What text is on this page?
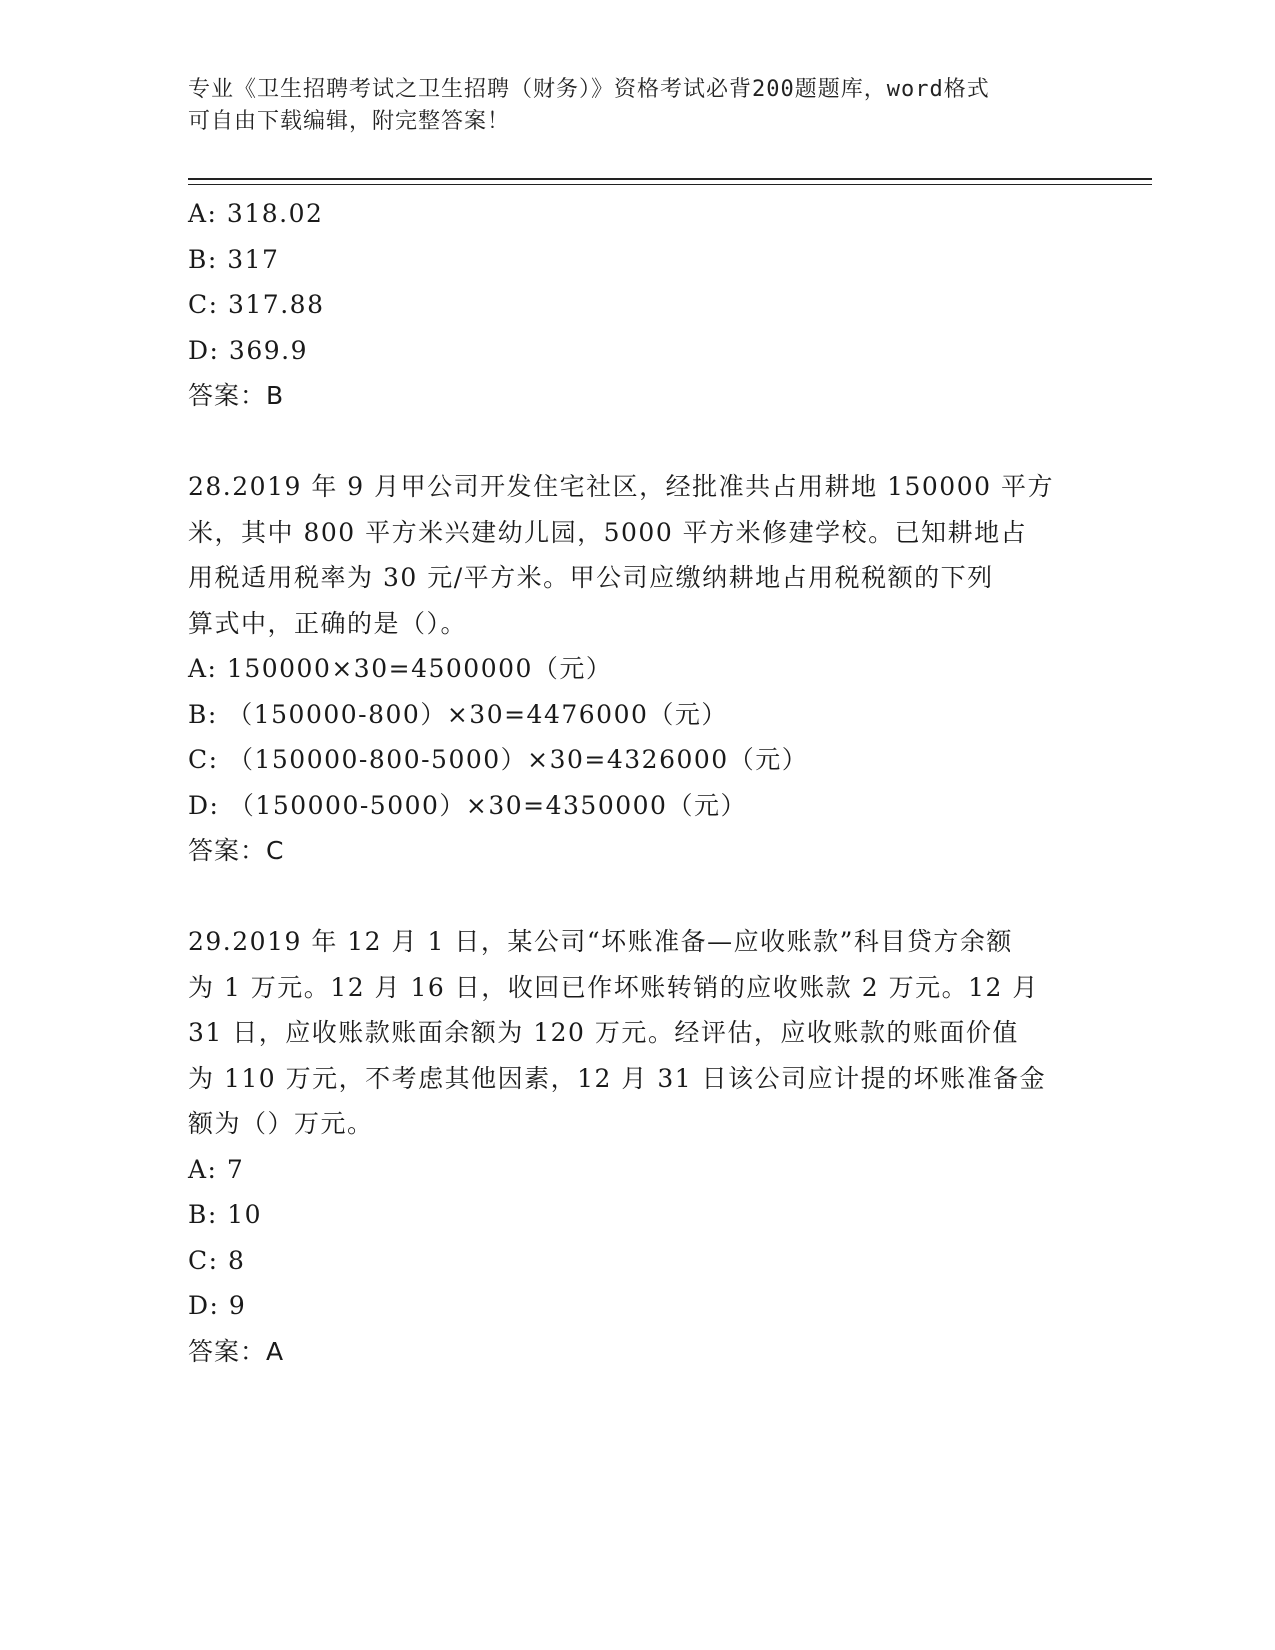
专业《卫生招聘考试之卫生招聘（财务）》资格考试必背200题题库，word格式
可自由下载编辑，附完整答案！
A: 318.02
B: 317
C: 317.88
D: 369.9
答案：B
28.2019 年 9 月甲公司开发住宅社区，经批准共占用耕地 150000 平方
米，其中 800 平方米兴建幼儿园，5000 平方米修建学校。已知耕地占
用税适用税率为 30 元/平方米。甲公司应缴纳耕地占用税税额的下列
算式中，正确的是（）。
A: 150000×30=4500000（元）
B: （150000-800）×30=4476000（元）
C: （150000-800-5000）×30=4326000（元）
D: （150000-5000）×30=4350000（元）
答案：C
29.2019 年 12 月 1 日，某公司“坏账准备—应收账款”科目贷方余额
为 1 万元。12 月 16 日，收回已作坏账转销的应收账款 2 万元。12 月
31 日，应收账款账面余额为 120 万元。经评估，应收账款的账面价值
为 110 万元，不考虑其他因素，12 月 31 日该公司应计提的坏账准备金
额为（）万元。
A: 7
B: 10
C: 8
D: 9
答案：A
